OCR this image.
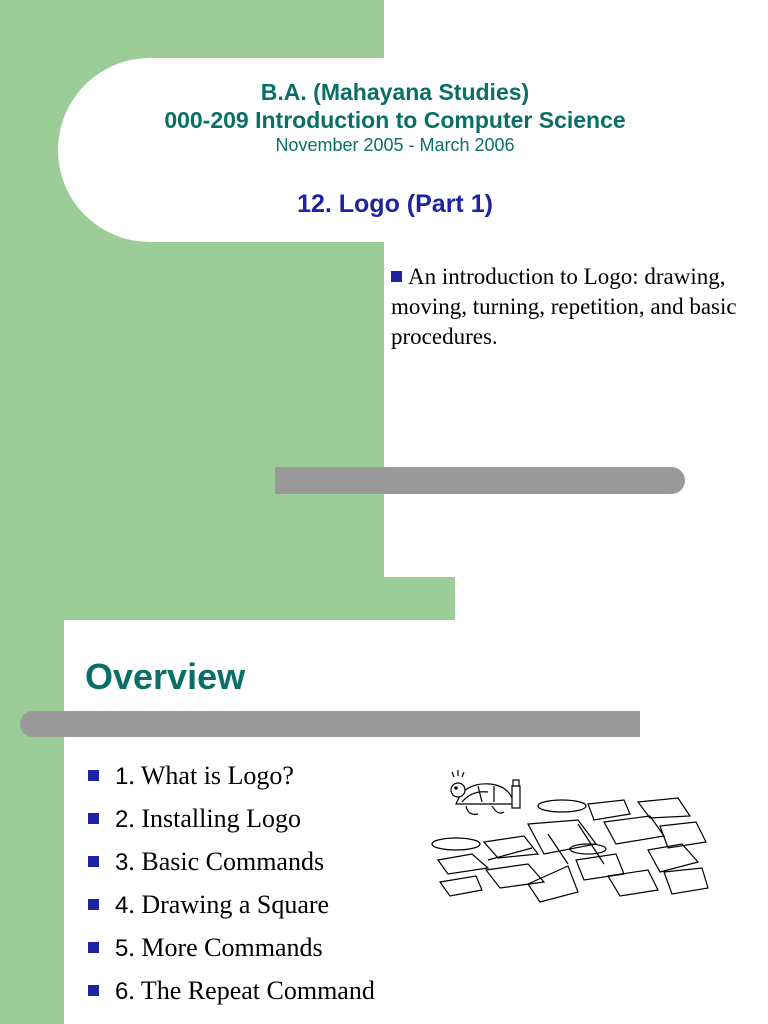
B.A. (Mahayana Studies)
000-209 Introduction to Computer Science
November 2005 - March 2006
12. Logo (Part 1)
An introduction to Logo: drawing, moving, turning, repetition, and basic procedures.
Overview
1. What is Logo?
2. Installing Logo
3. Basic Commands
4. Drawing a Square
5. More Commands
6. The Repeat Command
